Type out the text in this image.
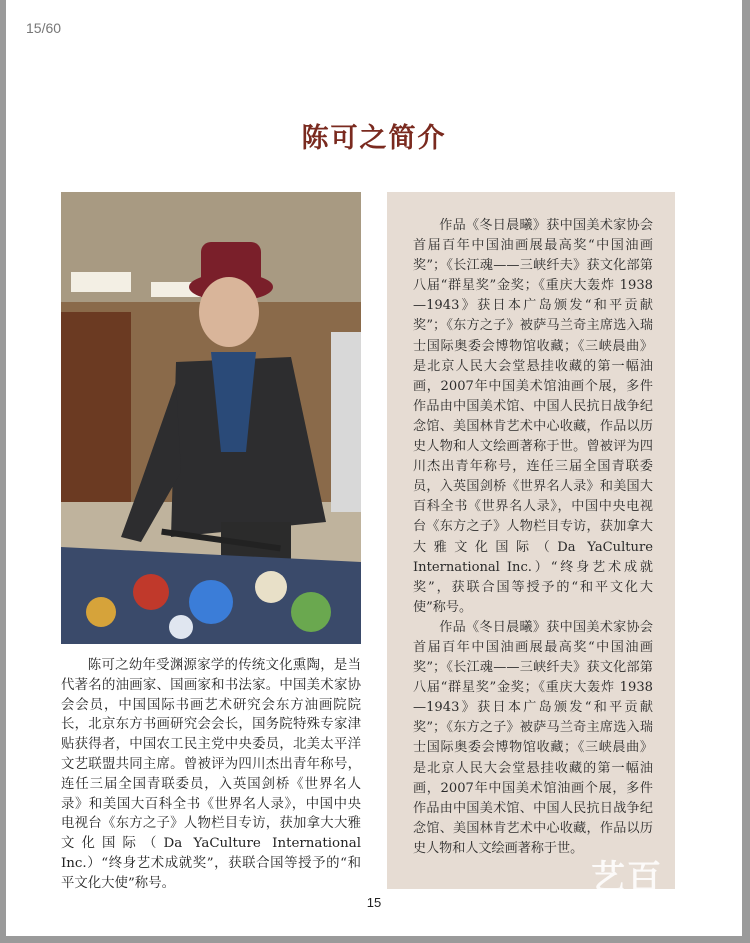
15/60
陈可之简介

陈可之幼年受渊源家学的传统文化熏陶，是当代著名的油画家、国画家和书法家。中国美术家协会会员，中国国际书画艺术研究会东方油画院院长，北京东方书画研究会会长，国务院特殊专家津贴获得者，中国农工民主党中央委员，北美太平洋文艺联盟共同主席。曾被评为四川杰出青年称号，连任三届全国青联委员，入英国剑桥《世界名人录》和美国大百科全书《世界名人录》，中国中央电视台《东方之子》人物栏目专访，获加拿大大雅文化国际（Da YaCulture International Inc.）“终身艺术成就奖”，获联合国等授予的“和平文化大使”称号。

作品《冬日晨曦》获中国美术家协会首届百年中国油画展最高奖“中国油画奖”；《长江魂——三峡纤夫》获文化部第八届“群星奖”金奖；《重庆大轰炸 1938—1943》获日本广岛颁发“和平贡献奖”；《东方之子》被萨马兰奇主席选入瑞士国际奥委会博物馆收藏；《三峡晨曲》是北京人民大会堂悬挂收藏的第一幅油画，2007年中国美术馆油画个展，多件作品由中国美术馆、中国人民抗日战争纪念馆、美国林肯艺术中心收藏，作品以历史人物和人文绘画著称于世。曾被评为四川杰出青年称号，连任三届全国青联委员，入英国剑桥《世界名人录》和美国大百科全书《世界名人录》，中国中央电视台《东方之子》人物栏目专访，获加拿大大雅文化国际（Da YaCulture International Inc.）“终身艺术成就奖”，获联合国等授予的“和平文化大使”称号。

作品《冬日晨曦》获中国美术家协会首届百年中国油画展最高奖“中国油画奖”；《长江魂——三峡纤夫》获文化部第八届“群星奖”金奖；《重庆大轰炸 1938—1943》获日本广岛颁发“和平贡献奖”；《东方之子》被萨马兰奇主席选入瑞士国际奥委会博物馆收藏；《三峡晨曲》是北京人民大会堂悬挂收藏的第一幅油画，2007年中国美术馆油画个展，多件作品由中国美术馆、中国人民抗日战争纪念馆、美国林肯艺术中心收藏，作品以历史人物和人文绘画著称于世。

艺百
15
